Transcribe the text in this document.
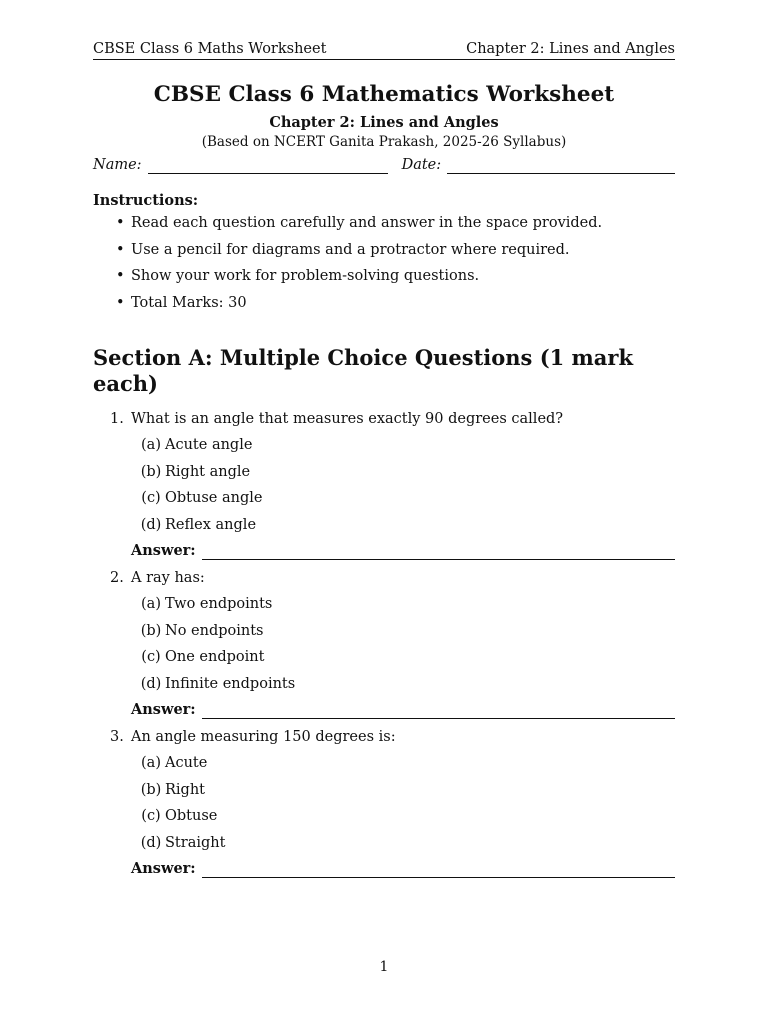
CBSE Class 6 Maths Worksheet	Chapter 2: Lines and Angles
CBSE Class 6 Mathematics Worksheet
Chapter 2: Lines and Angles
(Based on NCERT Ganita Prakash, 2025-26 Syllabus)
Name:	Date:
Instructions:
• Read each question carefully and answer in the space provided.
• Use a pencil for diagrams and a protractor where required.
• Show your work for problem-solving questions.
• Total Marks: 30
Section A: Multiple Choice Questions (1 mark each)
1. What is an angle that measures exactly 90 degrees called?
(a) Acute angle
(b) Right angle
(c) Obtuse angle
(d) Reflex angle
Answer:
2. A ray has:
(a) Two endpoints
(b) No endpoints
(c) One endpoint
(d) Infinite endpoints
Answer:
3. An angle measuring 150 degrees is:
(a) Acute
(b) Right
(c) Obtuse
(d) Straight
Answer:
1
